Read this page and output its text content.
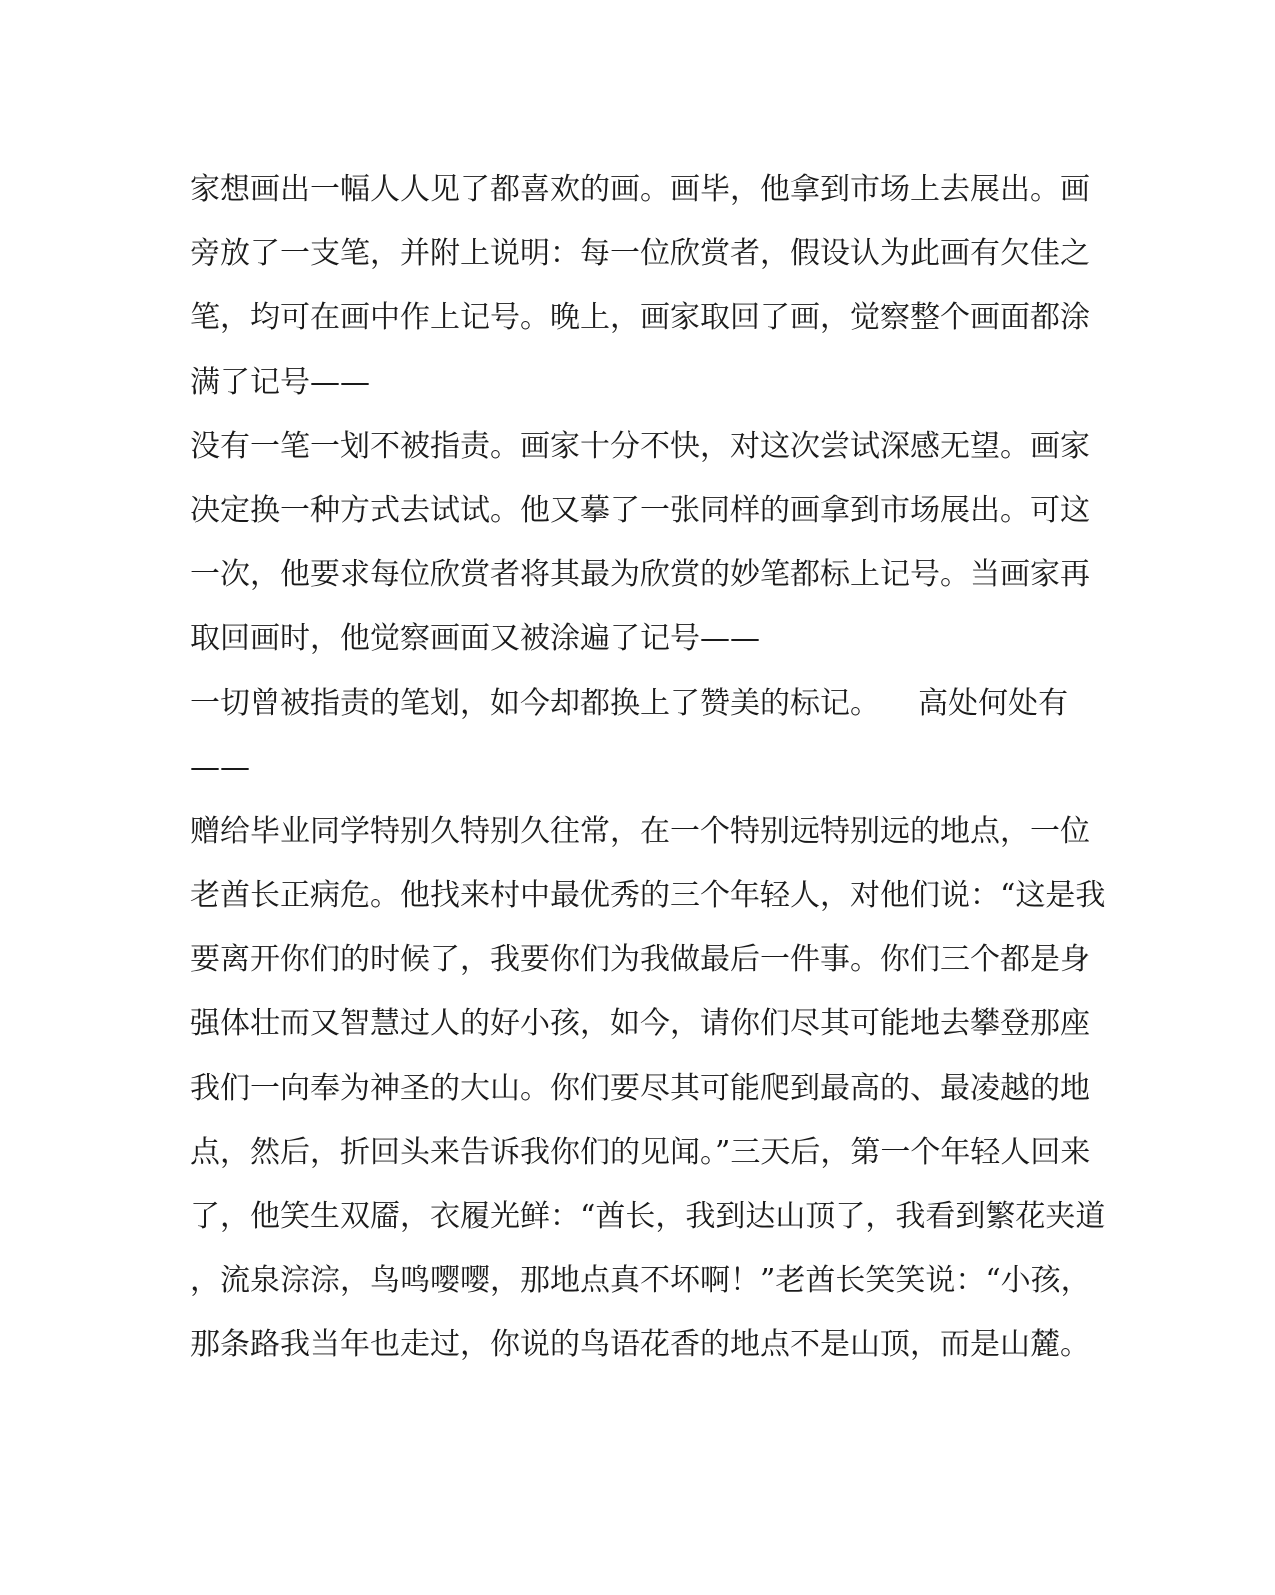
家想画出一幅人人见了都喜欢的画。画毕，他拿到市场上去展出。画
旁放了一支笔，并附上说明：每一位欣赏者，假设认为此画有欠佳之
笔，均可在画中作上记号。晚上，画家取回了画，觉察整个画面都涂
满了记号——
没有一笔一划不被指责。画家十分不快，对这次尝试深感无望。画家
决定换一种方式去试试。他又摹了一张同样的画拿到市场展出。可这
一次，他要求每位欣赏者将其最为欣赏的妙笔都标上记号。当画家再
取回画时，他觉察画面又被涂遍了记号——
一切曾被指责的笔划，如今却都换上了赞美的标记。    高处何处有
——
赠给毕业同学特别久特别久往常，在一个特别远特别远的地点，一位
老酋长正病危。他找来村中最优秀的三个年轻人，对他们说：“这是我
要离开你们的时候了，我要你们为我做最后一件事。你们三个都是身
强体壮而又智慧过人的好小孩，如今，请你们尽其可能地去攀登那座
我们一向奉为神圣的大山。你们要尽其可能爬到最高的、最凌越的地
点，然后，折回头来告诉我你们的见闻。”三天后，第一个年轻人回来
了，他笑生双靥，衣履光鲜：“酋长，我到达山顶了，我看到繁花夹道
，流泉淙淙，鸟鸣嘤嘤，那地点真不坏啊！”老酋长笑笑说：“小孩，
那条路我当年也走过，你说的鸟语花香的地点不是山顶，而是山麓。
